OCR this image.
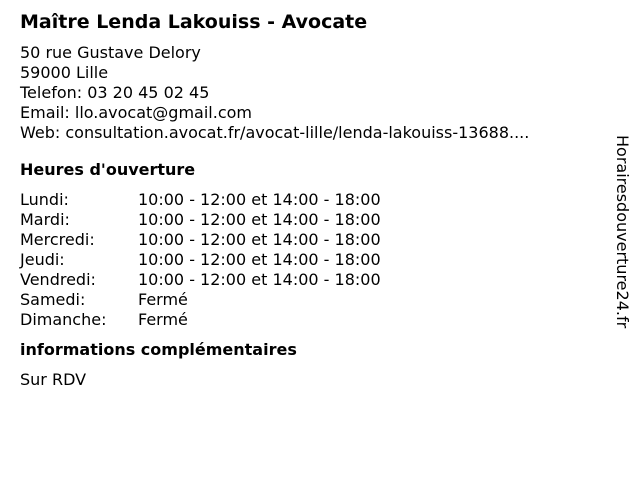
Maître Lenda Lakouiss - Avocate
50 rue Gustave Delory
59000 Lille
Telefon: 03 20 45 02 45
Email: llo.avocat@gmail.com
Web: consultation.avocat.fr/avocat-lille/lenda-lakouiss-13688....
Heures d'ouverture
Lundi:	10:00 - 12:00 et 14:00 - 18:00
Mardi:	10:00 - 12:00 et 14:00 - 18:00
Mercredi:	10:00 - 12:00 et 14:00 - 18:00
Jeudi:	10:00 - 12:00 et 14:00 - 18:00
Vendredi:	10:00 - 12:00 et 14:00 - 18:00
Samedi:	Fermé
Dimanche:	Fermé
informations complémentaires
Sur RDV
Horairesdouverture24.fr
